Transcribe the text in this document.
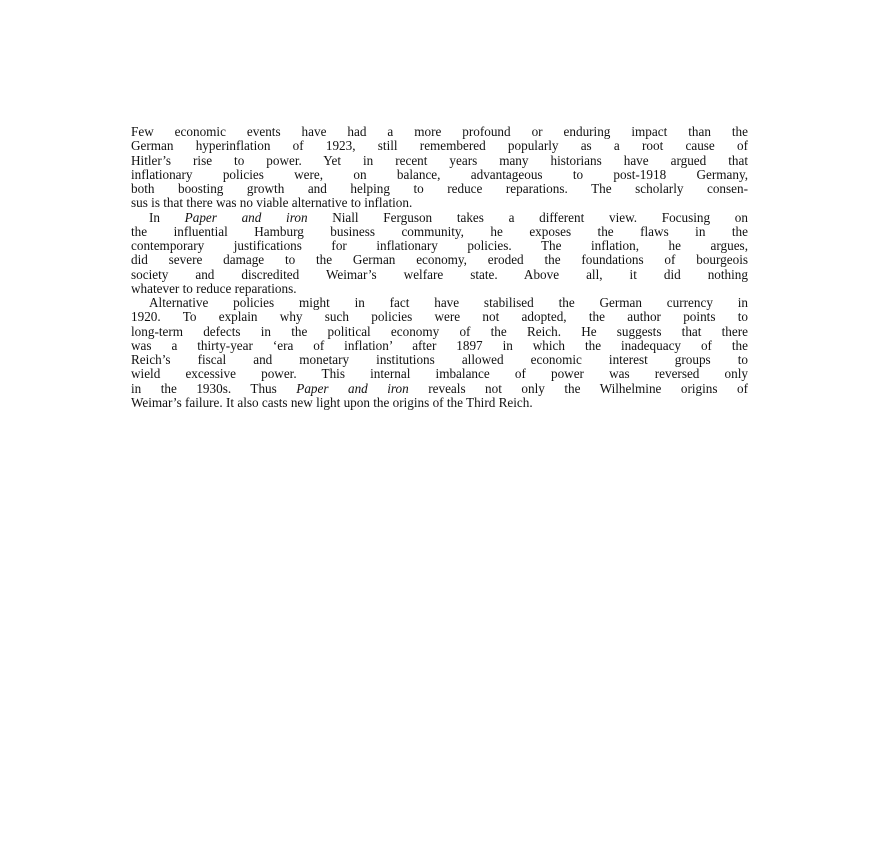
Few economic events have had a more profound or enduring impact than the
German hyperinflation of 1923, still remembered popularly as a root cause of
Hitler’s rise to power. Yet in recent years many historians have argued that
inflationary policies were, on balance, advantageous to post-1918 Germany,
both boosting growth and helping to reduce reparations. The scholarly consen-
sus is that there was no viable alternative to inflation.
In Paper and iron Niall Ferguson takes a different view. Focusing on
the influential Hamburg business community, he exposes the flaws in the
contemporary justifications for inflationary policies. The inflation, he argues,
did severe damage to the German economy, eroded the foundations of bourgeois
society and discredited Weimar’s welfare state. Above all, it did nothing
whatever to reduce reparations.
Alternative policies might in fact have stabilised the German currency in
1920. To explain why such policies were not adopted, the author points to
long-term defects in the political economy of the Reich. He suggests that there
was a thirty-year ‘era of inflation’ after 1897 in which the inadequacy of the
Reich’s fiscal and monetary institutions allowed economic interest groups to
wield excessive power. This internal imbalance of power was reversed only
in the 1930s. Thus Paper and iron reveals not only the Wilhelmine origins of
Weimar’s failure. It also casts new light upon the origins of the Third Reich.
